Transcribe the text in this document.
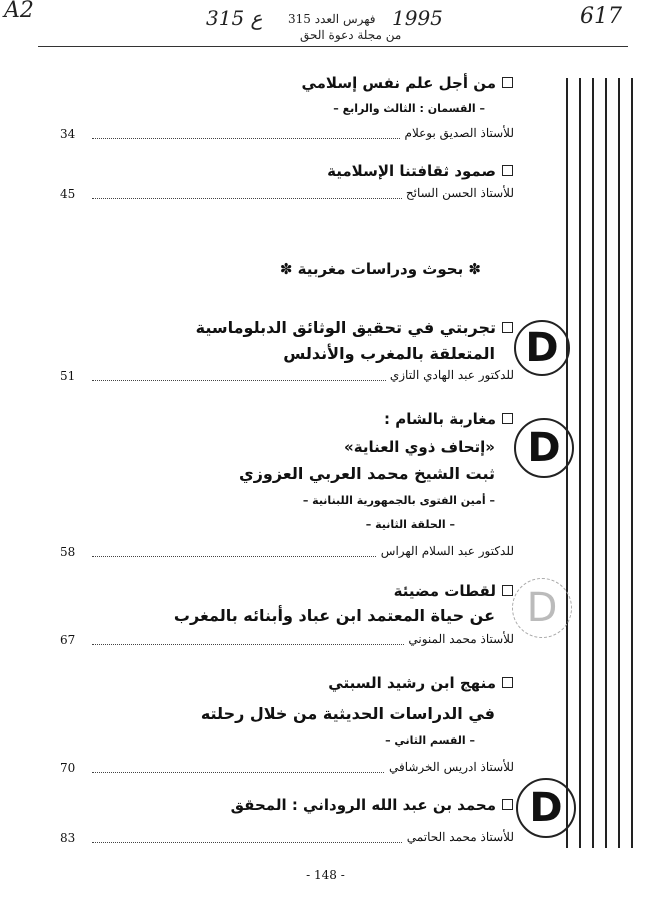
A2	315 ع فهرس العدد 315 1995	617
من مجلة دعوة الحق
من أجل علم نفس إسلامي
– القسمان : الثالث والرابع –
للأستاذ الصديق بوعلام
34
صمود ثقافتنا الإسلامية
للأستاذ الحسن السائح
45
✽ بحوث ودراسات مغربية ✽
تجربتي في تحقيق الوثائق الدبلوماسية
المتعلقة بالمغرب والأندلس D
للدكتور عبد الهادي التازي
51
مغاربة بالشام :
«إتحاف ذوي العناية»
ثبت الشيخ محمد العربي العزوزي
– أمين الفتوى بالجمهورية اللبنانية –
– الحلقة الثانية –
D
للدكتور عبد السلام الهراس
58
لقطات مضيئة
عن حياة المعتمد ابن عباد وأبنائه بالمغرب D
للأستاذ محمد المنوني
67
منهج ابن رشيد السبتي
في الدراسات الحديثية من خلال رحلته
– القسم الثاني –
للأستاذ ادريس الخرشافي
70
محمد بن عبد الله الروداني : المحقق D
للأستاذ محمد الحاتمي
83
- 148 -
